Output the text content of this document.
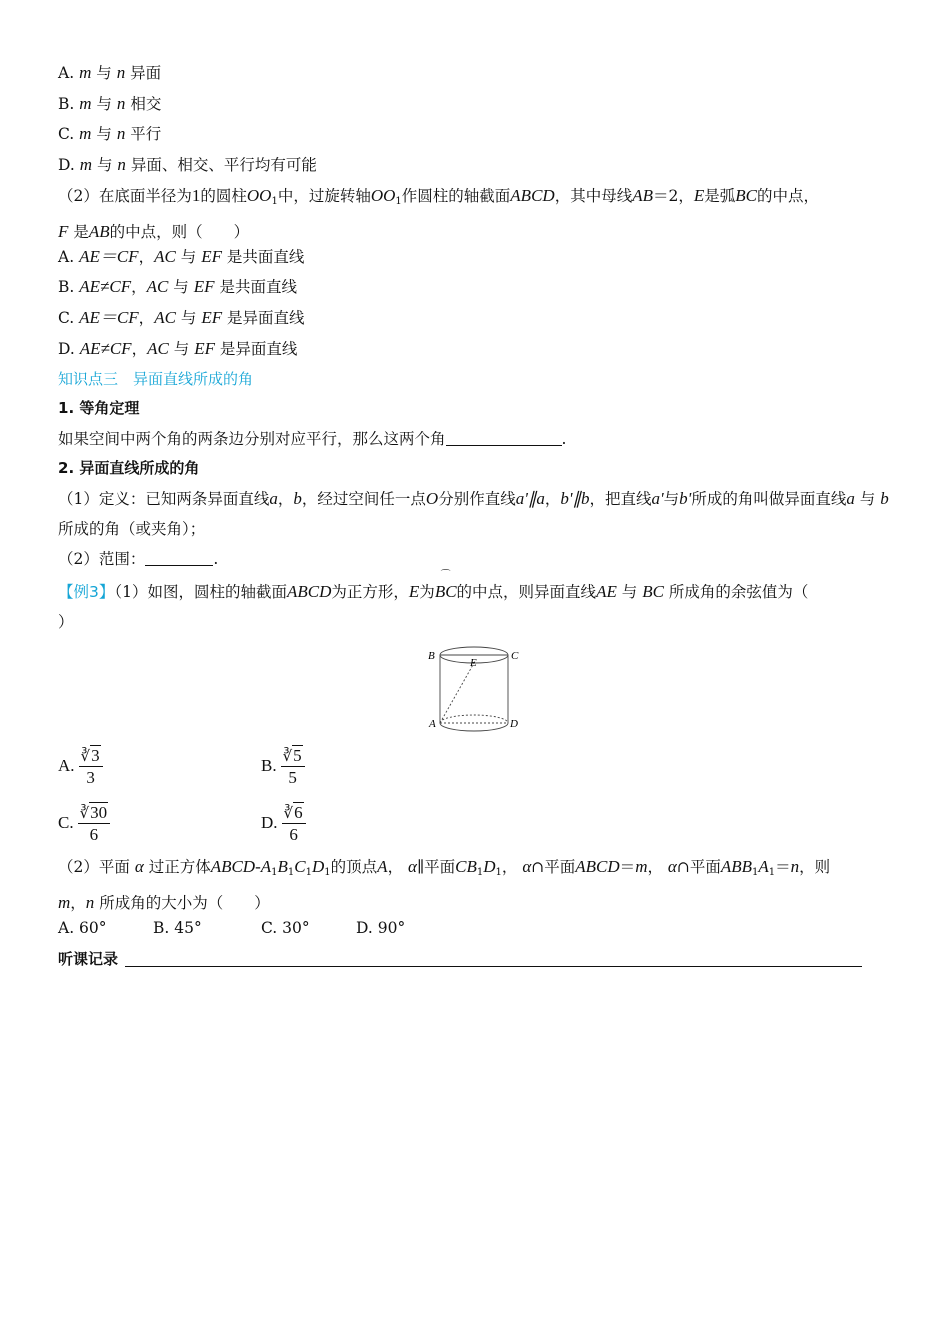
A. m 与 n 异面
B. m 与 n 相交
C. m 与 n 平行
D. m 与 n 异面、相交、平行均有可能
（2）在底面半径为1的圆柱$OO_1$中，过旋转轴$OO_1$作圆柱的轴截面ABCD，其中母线AB＝2，E是弧BC的中点，
F 是AB的中点，则（　　）
A. AE＝CF，AC 与 EF 是共面直线
B. AE≠CF，AC 与 EF 是共面直线
C. AE＝CF，AC 与 EF 是异面直线
D. AE≠CF，AC 与 EF 是异面直线
知识点三　异面直线所成的角
1. 等角定理
如果空间中两个角的两条边分别对应平行，那么这两个角	.
2. 异面直线所成的角
（1）定义：已知两条异面直线a，b，经过空间任一点O分别作直线a'∥a，b'∥b，把直线a'与b'所成的角叫做异面直线a 与 b 所成的角（或夹角）；
（2）范围：	.
【例3】（1）如图，圆柱的轴截面ABCD为正方形，E为
⌒
BC的中点，则异面直线AE 与 BC 所成角的余弦值为（
）
B
E
C
A	D
A. $\frac{∛3}{3}$	B. $\frac{∛5}{5}$
C. $\frac{∛30}{6}$	D. $\frac{∛6}{6}$
（2）平面 α 过正方体ABCD-$A_1B_1C_1D_1$的顶点A， α∥平面$CB_1D_1$， α∩平面ABCD＝m， α∩平面$ABB_1A_1=n$，则
m，n 所成角的大小为（　　）
A. 60°	B. 45°	C. 30°	D. 90°
听课记录
